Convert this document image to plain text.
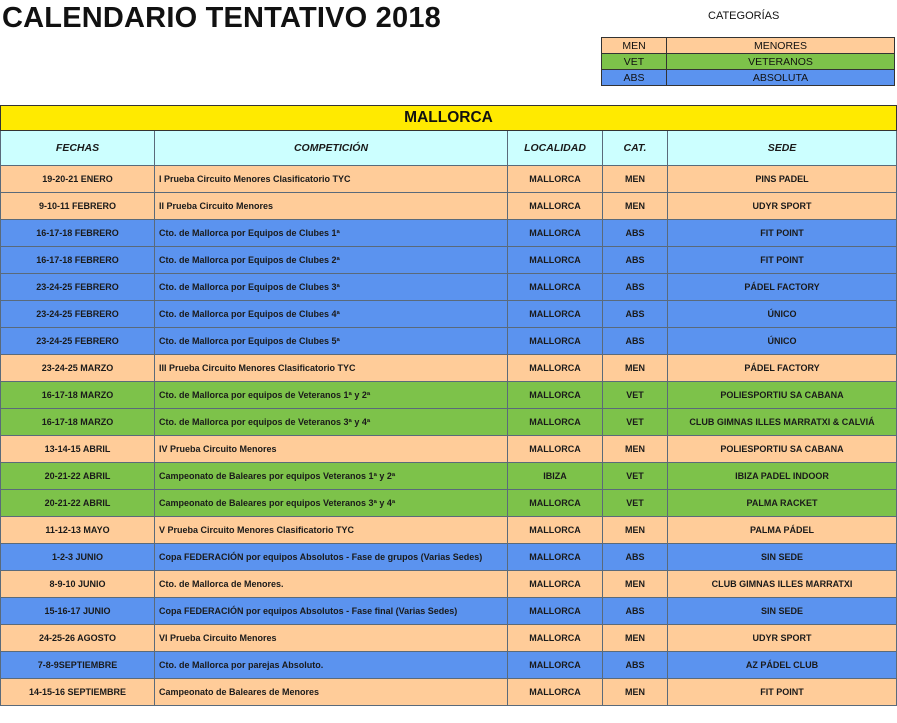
CALENDARIO TENTATIVO 2018	CATEGORÍAS
MEN	MENORES
VET	VETERANOS
ABS	ABSOLUTA
MALLORCA				
FECHAS	COMPETICIÓN	LOCALIDAD	CAT.	SEDE
19-20-21 ENERO	I Prueba Circuito Menores Clasificatorio TYC	MALLORCA	MEN	PINS PADEL
9-10-11 FEBRERO	II Prueba Circuito Menores	MALLORCA	MEN	UDYR SPORT
16-17-18 FEBRERO	Cto. de Mallorca por Equipos de Clubes 1ª	MALLORCA	ABS	FIT POINT
16-17-18 FEBRERO	Cto. de Mallorca por Equipos de Clubes 2ª	MALLORCA	ABS	FIT POINT
23-24-25 FEBRERO	Cto. de Mallorca por Equipos de Clubes 3ª	MALLORCA	ABS	PÁDEL FACTORY
23-24-25 FEBRERO	Cto. de Mallorca por Equipos de Clubes 4ª	MALLORCA	ABS	ÚNICO
23-24-25 FEBRERO	Cto. de Mallorca por Equipos de Clubes 5ª	MALLORCA	ABS	ÚNICO
23-24-25 MARZO	III Prueba Circuito Menores Clasificatorio TYC	MALLORCA	MEN	PÁDEL FACTORY
16-17-18 MARZO	Cto. de Mallorca por equipos de Veteranos 1ª y 2ª	MALLORCA	VET	POLIESPORTIU SA CABANA
16-17-18 MARZO	Cto. de Mallorca por equipos de Veteranos 3ª y 4ª	MALLORCA	VET	CLUB GIMNAS ILLES MARRATXI & CALVIÁ
13-14-15 ABRIL	IV Prueba Circuito Menores	MALLORCA	MEN	POLIESPORTIU SA CABANA
20-21-22 ABRIL	Campeonato de Baleares por equipos Veteranos 1ª y 2ª	IBIZA	VET	IBIZA PADEL INDOOR
20-21-22 ABRIL	Campeonato de Baleares por equipos Veteranos 3ª y 4ª	MALLORCA	VET	PALMA RACKET
11-12-13 MAYO	V Prueba Circuito Menores Clasificatorio TYC	MALLORCA	MEN	PALMA PÁDEL
1-2-3 JUNIO	Copa FEDERACIÓN por equipos Absolutos - Fase de grupos (Varias Sedes)	MALLORCA	ABS	SIN SEDE
8-9-10 JUNIO	Cto. de Mallorca de Menores.	MALLORCA	MEN	CLUB GIMNAS ILLES MARRATXI
15-16-17 JUNIO	Copa FEDERACIÓN por equipos Absolutos - Fase final (Varias Sedes)	MALLORCA	ABS	SIN SEDE
24-25-26 AGOSTO	VI Prueba Circuito Menores	MALLORCA	MEN	UDYR SPORT
7-8-9SEPTIEMBRE	Cto. de Mallorca por parejas Absoluto.	MALLORCA	ABS	AZ PÁDEL CLUB
14-15-16 SEPTIEMBRE	Campeonato de Baleares de Menores	MALLORCA	MEN	FIT POINT
